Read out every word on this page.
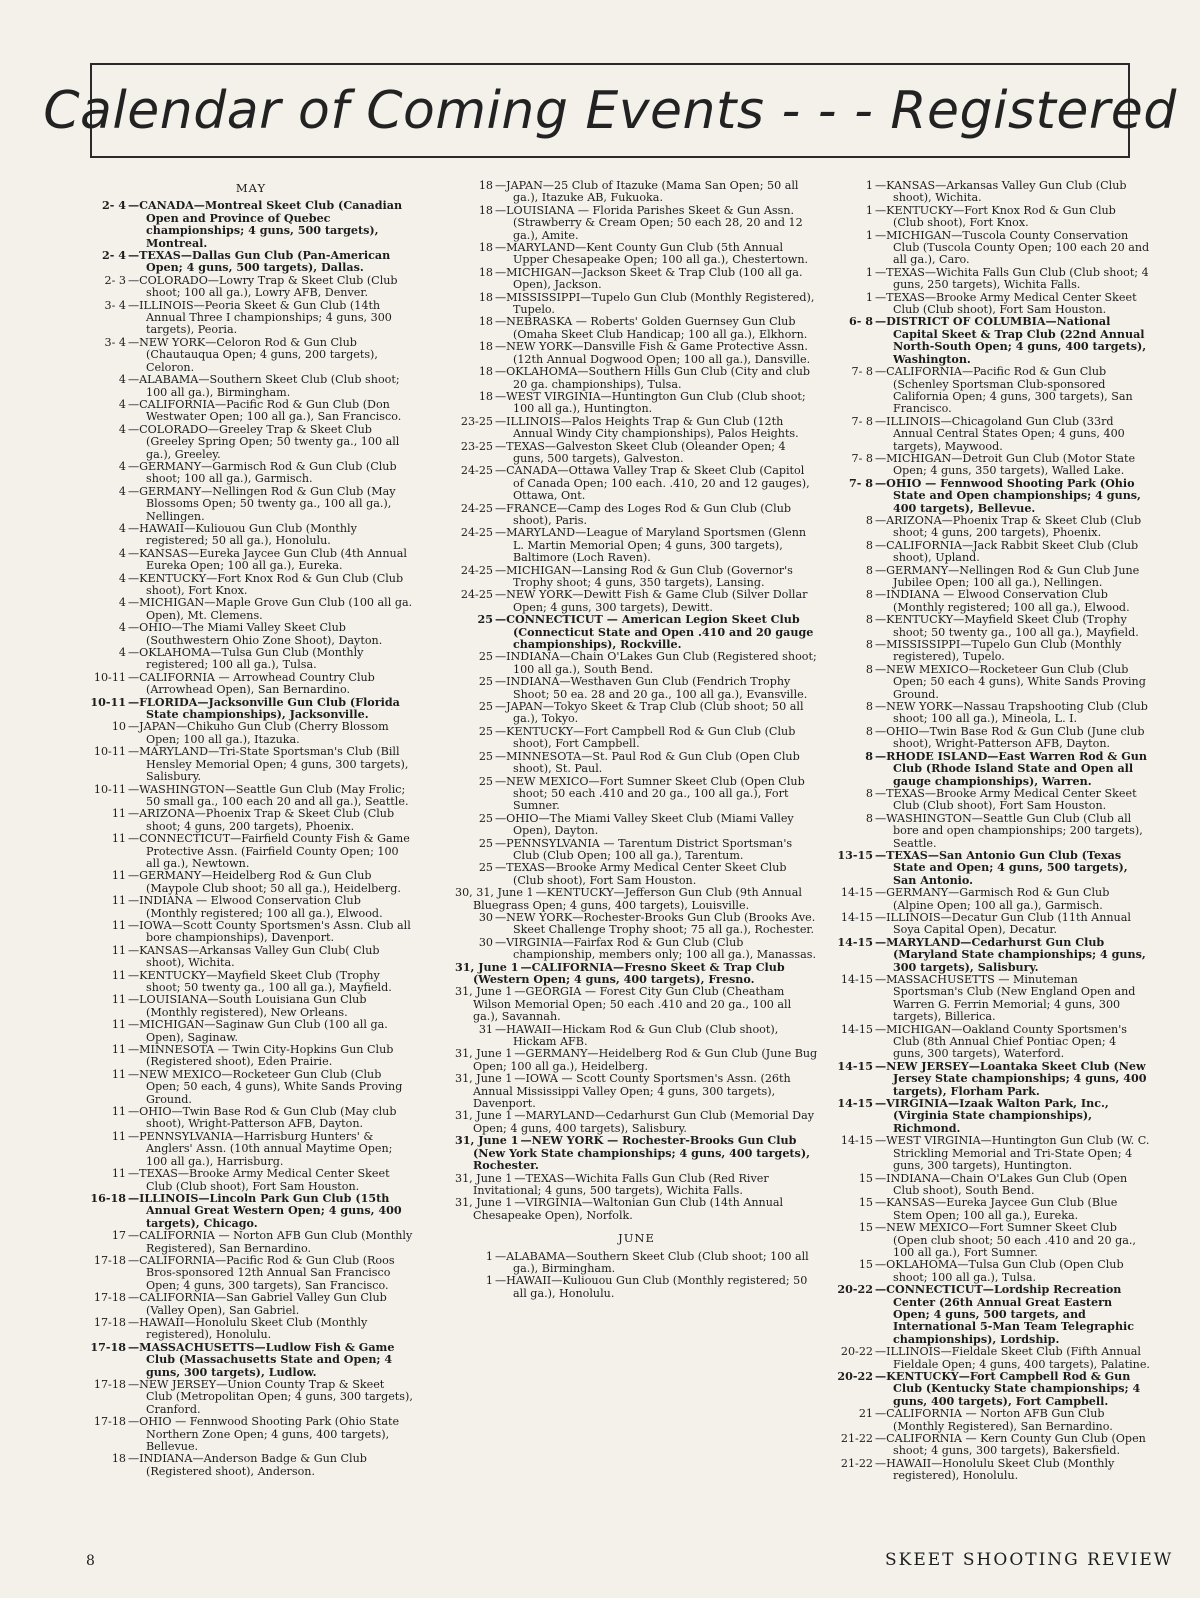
Calendar of Coming Events - - - Registered
MAY
2- 4 —CANADA—Montreal Skeet Club (Canadian Open and Province of Quebec championships; 4 guns, 500 targets), Montreal.
2- 4 —TEXAS—Dallas Gun Club (Pan-American Open; 4 guns, 500 targets), Dallas.
2- 3 —COLORADO—Lowry Trap & Skeet Club (Club shoot; 100 all ga.), Lowry AFB, Denver.
3- 4 —ILLINOIS—Peoria Skeet & Gun Club (14th Annual Three I championships; 4 guns, 300 targets), Peoria.
3- 4 —NEW YORK—Celoron Rod & Gun Club (Chautauqua Open; 4 guns, 200 targets), Celoron.
4 —ALABAMA—Southern Skeet Club (Club shoot; 100 all ga.), Birmingham.
4 —CALIFORNIA—Pacific Rod & Gun Club (Don Westwater Open; 100 all ga.), San Francisco.
4 —COLORADO—Greeley Trap & Skeet Club (Greeley Spring Open; 50 twenty ga., 100 all ga.), Greeley.
4 —GERMANY—Garmisch Rod & Gun Club (Club shoot; 100 all ga.), Garmisch.
4 —GERMANY—Nellingen Rod & Gun Club (May Blossoms Open; 50 twenty ga., 100 all ga.), Nellingen.
4 —HAWAII—Kuliouou Gun Club (Monthly registered; 50 all ga.), Honolulu.
4 —KANSAS—Eureka Jaycee Gun Club (4th Annual Eureka Open; 100 all ga.), Eureka.
4 —KENTUCKY—Fort Knox Rod & Gun Club (Club shoot), Fort Knox.
4 —MICHIGAN—Maple Grove Gun Club (100 all ga. Open), Mt. Clemens.
4 —OHIO—The Miami Valley Skeet Club (Southwestern Ohio Zone Shoot), Dayton.
4 —OKLAHOMA—Tulsa Gun Club (Monthly registered; 100 all ga.), Tulsa.
10-11 —CALIFORNIA — Arrowhead Country Club (Arrowhead Open), San Bernardino.
10-11 —FLORIDA—Jacksonville Gun Club (Florida State championships), Jacksonville.
10 —JAPAN—Chikuho Gun Club (Cherry Blossom Open; 100 all ga.), Itazuka.
10-11 —MARYLAND—Tri-State Sportsman's Club (Bill Hensley Memorial Open; 4 guns, 300 targets), Salisbury.
10-11 —WASHINGTON—Seattle Gun Club (May Frolic; 50 small ga., 100 each 20 and all ga.), Seattle.
11 —ARIZONA—Phoenix Trap & Skeet Club (Club shoot; 4 guns, 200 targets), Phoenix.
11 —CONNECTICUT—Fairfield County Fish & Game Protective Assn. (Fairfield County Open; 100 all ga.), Newtown.
11 —GERMANY—Heidelberg Rod & Gun Club (Maypole Club shoot; 50 all ga.), Heidelberg.
11 —INDIANA — Elwood Conservation Club (Monthly registered; 100 all ga.), Elwood.
11 —IOWA—Scott County Sportsmen's Assn. Club all bore championships), Davenport.
11 —KANSAS—Arkansas Valley Gun Club( Club shoot), Wichita.
11 —KENTUCKY—Mayfield Skeet Club (Trophy shoot; 50 twenty ga., 100 all ga.), Mayfield.
11 —LOUISIANA—South Louisiana Gun Club (Monthly registered), New Orleans.
11 —MICHIGAN—Saginaw Gun Club (100 all ga. Open), Saginaw.
11 —MINNESOTA — Twin City-Hopkins Gun Club (Registered shoot), Eden Prairie.
11 —NEW MEXICO—Rocketeer Gun Club (Club Open; 50 each, 4 guns), White Sands Proving Ground.
11 —OHIO—Twin Base Rod & Gun Club (May club shoot), Wright-Patterson AFB, Dayton.
11 —PENNSYLVANIA—Harrisburg Hunters' & Anglers' Assn. (10th annual Maytime Open; 100 all ga.), Harrisburg.
11 —TEXAS—Brooke Army Medical Center Skeet Club (Club shoot), Fort Sam Houston.
16-18 —ILLINOIS—Lincoln Park Gun Club (15th Annual Great Western Open; 4 guns, 400 targets), Chicago.
17 —CALIFORNIA — Norton AFB Gun Club (Monthly Registered), San Bernardino.
17-18 —CALIFORNIA—Pacific Rod & Gun Club (Roos Bros-sponsored 12th Annual San Francisco Open; 4 guns, 300 targets), San Francisco.
17-18 —CALIFORNIA—San Gabriel Valley Gun Club (Valley Open), San Gabriel.
17-18 —HAWAII—Honolulu Skeet Club (Monthly registered), Honolulu.
17-18 —MASSACHUSETTS—Ludlow Fish & Game Club (Massachusetts State and Open; 4 guns, 300 targets), Ludlow.
17-18 —NEW JERSEY—Union County Trap & Skeet Club (Metropolitan Open; 4 guns, 300 targets), Cranford.
17-18 —OHIO — Fennwood Shooting Park (Ohio State Northern Zone Open; 4 guns, 400 targets), Bellevue.
18 —INDIANA—Anderson Badge & Gun Club (Registered shoot), Anderson.
18 —JAPAN—25 Club of Itazuke (Mama San Open; 50 all ga.), Itazuke AB, Fukuoka.
18 —LOUISIANA — Florida Parishes Skeet & Gun Assn. (Strawberry & Cream Open; 50 each 28, 20 and 12 ga.), Amite.
18 —MARYLAND—Kent County Gun Club (5th Annual Upper Chesapeake Open; 100 all ga.), Chestertown.
18 —MICHIGAN—Jackson Skeet & Trap Club (100 all ga. Open), Jackson.
18 —MISSISSIPPI—Tupelo Gun Club (Monthly Registered), Tupelo.
18 —NEBRASKA — Roberts' Golden Guernsey Gun Club (Omaha Skeet Club Handicap; 100 all ga.), Elkhorn.
18 —NEW YORK—Dansville Fish & Game Protective Assn. (12th Annual Dogwood Open; 100 all ga.), Dansville.
18 —OKLAHOMA—Southern Hills Gun Club (City and club 20 ga. championships), Tulsa.
18 —WEST VIRGINIA—Huntington Gun Club (Club shoot; 100 all ga.), Huntington.
23-25 —ILLINOIS—Palos Heights Trap & Gun Club (12th Annual Windy City championships), Palos Heights.
23-25 —TEXAS—Galveston Skeet Club (Oleander Open; 4 guns, 500 targets), Galveston.
24-25 —CANADA—Ottawa Valley Trap & Skeet Club (Capitol of Canada Open; 100 each. .410, 20 and 12 gauges), Ottawa, Ont.
24-25 —FRANCE—Camp des Loges Rod & Gun Club (Club shoot), Paris.
24-25 —MARYLAND—League of Maryland Sportsmen (Glenn L. Martin Memorial Open; 4 guns, 300 targets), Baltimore (Loch Raven).
24-25 —MICHIGAN—Lansing Rod & Gun Club (Governor's Trophy shoot; 4 guns, 350 targets), Lansing.
24-25 —NEW YORK—Dewitt Fish & Game Club (Silver Dollar Open; 4 guns, 300 targets), Dewitt.
25 —CONNECTICUT — American Legion Skeet Club (Connecticut State and Open .410 and 20 gauge championships), Rockville.
25 —INDIANA—Chain O'Lakes Gun Club (Registered shoot; 100 all ga.), South Bend.
25 —INDIANA—Westhaven Gun Club (Fendrich Trophy Shoot; 50 ea. 28 and 20 ga., 100 all ga.), Evansville.
25 —JAPAN—Tokyo Skeet & Trap Club (Club shoot; 50 all ga.), Tokyo.
25 —KENTUCKY—Fort Campbell Rod & Gun Club (Club shoot), Fort Campbell.
25 —MINNESOTA—St. Paul Rod & Gun Club (Open Club shoot), St. Paul.
25 —NEW MEXICO—Fort Sumner Skeet Club (Open Club shoot; 50 each .410 and 20 ga., 100 all ga.), Fort Sumner.
25 —OHIO—The Miami Valley Skeet Club (Miami Valley Open), Dayton.
25 —PENNSYLVANIA — Tarentum District Sportsman's Club (Club Open; 100 all ga.), Tarentum.
25 —TEXAS—Brooke Army Medical Center Skeet Club (Club shoot), Fort Sam Houston.
30, 31, June 1 —KENTUCKY—Jefferson Gun Club (9th Annual Bluegrass Open; 4 guns, 400 targets), Louisville.
30 —NEW YORK—Rochester-Brooks Gun Club (Brooks Ave. Skeet Challenge Trophy shoot; 75 all ga.), Rochester.
30 —VIRGINIA—Fairfax Rod & Gun Club (Club championship, members only; 100 all ga.), Manassas.
31, June 1 —CALIFORNIA—Fresno Skeet & Trap Club (Western Open; 4 guns, 400 targets), Fresno.
31, June 1 —GEORGIA — Forest City Gun Club (Cheatham Wilson Memorial Open; 50 each .410 and 20 ga., 100 all ga.), Savannah.
31 —HAWAII—Hickam Rod & Gun Club (Club shoot), Hickam AFB.
31, June 1 —GERMANY—Heidelberg Rod & Gun Club (June Bug Open; 100 all ga.), Heidelberg.
31, June 1 —IOWA — Scott County Sportsmen's Assn. (26th Annual Mississippi Valley Open; 4 guns, 300 targets), Davenport.
31, June 1 —MARYLAND—Cedarhurst Gun Club (Memorial Day Open; 4 guns, 400 targets), Salisbury.
31, June 1 —NEW YORK — Rochester-Brooks Gun Club (New York State championships; 4 guns, 400 targets), Rochester.
31, June 1 —TEXAS—Wichita Falls Gun Club (Red River Invitational; 4 guns, 500 targets), Wichita Falls.
31, June 1 —VIRGINIA—Waltonian Gun Club (14th Annual Chesapeake Open), Norfolk.
JUNE
1 —ALABAMA—Southern Skeet Club (Club shoot; 100 all ga.), Birmingham.
1 —HAWAII—Kuliouou Gun Club (Monthly registered; 50 all ga.), Honolulu.
1 —KANSAS—Arkansas Valley Gun Club (Club shoot), Wichita.
1 —KENTUCKY—Fort Knox Rod & Gun Club (Club shoot), Fort Knox.
1 —MICHIGAN—Tuscola County Conservation Club (Tuscola County Open; 100 each 20 and all ga.), Caro.
1 —TEXAS—Wichita Falls Gun Club (Club shoot; 4 guns, 250 targets), Wichita Falls.
1 —TEXAS—Brooke Army Medical Center Skeet Club (Club shoot), Fort Sam Houston.
6- 8 —DISTRICT OF COLUMBIA—National Capital Skeet & Trap Club (22nd Annual North-South Open; 4 guns, 400 targets), Washington.
7- 8 —CALIFORNIA—Pacific Rod & Gun Club (Schenley Sportsman Club-sponsored California Open; 4 guns, 300 targets), San Francisco.
7- 8 —ILLINOIS—Chicagoland Gun Club (33rd Annual Central States Open; 4 guns, 400 targets), Maywood.
7- 8 —MICHIGAN—Detroit Gun Club (Motor State Open; 4 guns, 350 targets), Walled Lake.
7- 8 —OHIO — Fennwood Shooting Park (Ohio State and Open championships; 4 guns, 400 targets), Bellevue.
8 —ARIZONA—Phoenix Trap & Skeet Club (Club shoot; 4 guns, 200 targets), Phoenix.
8 —CALIFORNIA—Jack Rabbit Skeet Club (Club shoot), Upland.
8 —GERMANY—Nellingen Rod & Gun Club June Jubilee Open; 100 all ga.), Nellingen.
8 —INDIANA — Elwood Conservation Club (Monthly registered; 100 all ga.), Elwood.
8 —KENTUCKY—Mayfield Skeet Club (Trophy shoot; 50 twenty ga., 100 all ga.), Mayfield.
8 —MISSISSIPPI—Tupelo Gun Club (Monthly registered), Tupelo.
8 —NEW MEXICO—Rocketeer Gun Club (Club Open; 50 each 4 guns), White Sands Proving Ground.
8 —NEW YORK—Nassau Trapshooting Club (Club shoot; 100 all ga.), Mineola, L. I.
8 —OHIO—Twin Base Rod & Gun Club (June club shoot), Wright-Patterson AFB, Dayton.
8 —RHODE ISLAND—East Warren Rod & Gun Club (Rhode Island State and Open all gauge championships), Warren.
8 —TEXAS—Brooke Army Medical Center Skeet Club (Club shoot), Fort Sam Houston.
8 —WASHINGTON—Seattle Gun Club (Club all bore and open championships; 200 targets), Seattle.
13-15 —TEXAS—San Antonio Gun Club (Texas State and Open; 4 guns, 500 targets), San Antonio.
14-15 —GERMANY—Garmisch Rod & Gun Club (Alpine Open; 100 all ga.), Garmisch.
14-15 —ILLINOIS—Decatur Gun Club (11th Annual Soya Capital Open), Decatur.
14-15 —MARYLAND—Cedarhurst Gun Club (Maryland State championships; 4 guns, 300 targets), Salisbury.
14-15 —MASSACHUSETTS — Minuteman Sportsman's Club (New England Open and Warren G. Ferrin Memorial; 4 guns, 300 targets), Billerica.
14-15 —MICHIGAN—Oakland County Sportsmen's Club (8th Annual Chief Pontiac Open; 4 guns, 300 targets), Waterford.
14-15 —NEW JERSEY—Loantaka Skeet Club (New Jersey State championships; 4 guns, 400 targets), Florham Park.
14-15 —VIRGINIA—Izaak Walton Park, Inc., (Virginia State championships), Richmond.
14-15 —WEST VIRGINIA—Huntington Gun Club (W. C. Strickling Memorial and Tri-State Open; 4 guns, 300 targets), Huntington.
15 —INDIANA—Chain O'Lakes Gun Club (Open Club shoot), South Bend.
15 —KANSAS—Eureka Jaycee Gun Club (Blue Stem Open; 100 all ga.), Eureka.
15 —NEW MEXICO—Fort Sumner Skeet Club (Open club shoot; 50 each .410 and 20 ga., 100 all ga.), Fort Sumner.
15 —OKLAHOMA—Tulsa Gun Club (Open Club shoot; 100 all ga.), Tulsa.
20-22 —CONNECTICUT—Lordship Recreation Center (26th Annual Great Eastern Open; 4 guns, 500 targets, and International 5-Man Team Telegraphic championships), Lordship.
20-22 —ILLINOIS—Fieldale Skeet Club (Fifth Annual Fieldale Open; 4 guns, 400 targets), Palatine.
20-22 —KENTUCKY—Fort Campbell Rod & Gun Club (Kentucky State championships; 4 guns, 400 targets), Fort Campbell.
21 —CALIFORNIA — Norton AFB Gun Club (Monthly Registered), San Bernardino.
21-22 —CALIFORNIA — Kern County Gun Club (Open shoot; 4 guns, 300 targets), Bakersfield.
21-22 —HAWAII—Honolulu Skeet Club (Monthly registered), Honolulu.
8	SKEET SHOOTING REVIEW
